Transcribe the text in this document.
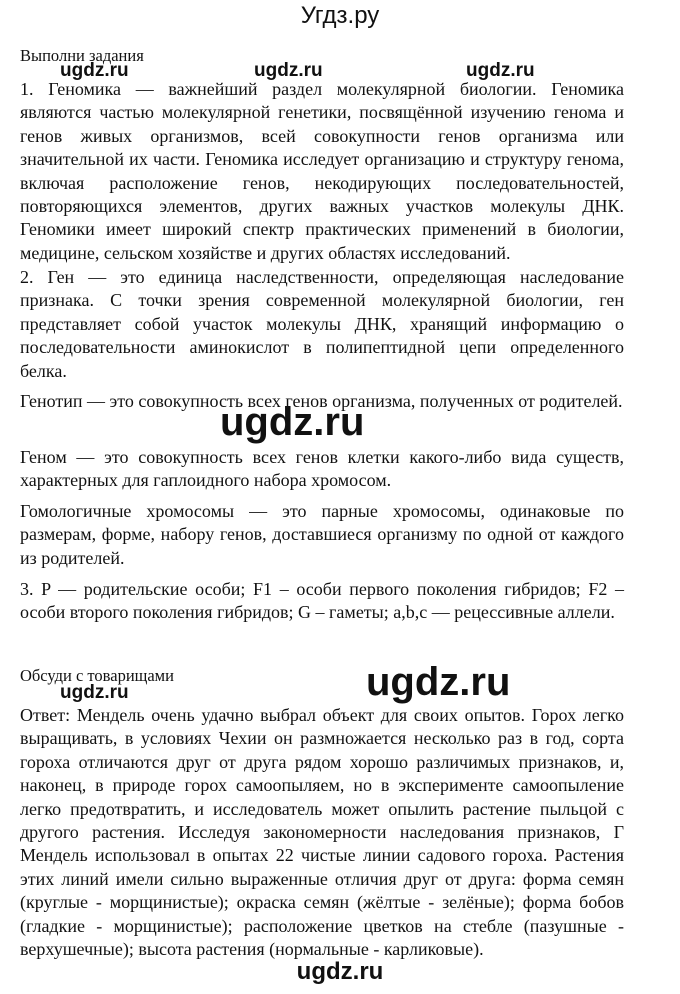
Угдз.ру
Выполни задания
1. Геномика — важнейший раздел молекулярной биологии. Геномика являются частью молекулярной генетики, посвящённой изучению генома и генов живых организмов, всей совокупности генов организма или значительной их части. Геномика исследует организацию и структуру генома, включая расположение генов, некодирующих последовательностей, повторяющихся элементов, других важных участков молекулы ДНК. Геномики имеет широкий спектр практических применений в биологии, медицине, сельском хозяйстве и других областях исследований.
2. Ген — это единица наследственности, определяющая наследование признака. С точки зрения современной молекулярной биологии, ген представляет собой участок молекулы ДНК, хранящий информацию о последовательности аминокислот в полипептидной цепи определенного белка.
Генотип — это совокупность всех генов организма, полученных от родителей.
Геном — это совокупность всех генов клетки какого-либо вида существ, характерных для гаплоидного набора хромосом.
Гомологичные хромосомы — это парные хромосомы, одинаковые по размерам, форме, набору генов, доставшиеся организму по одной от каждого из родителей.
3. P — родительские особи; F1 – особи первого поколения гибридов; F2 – особи второго поколения гибридов; G – гаметы; a,b,c — рецессивные аллели.
Обсуди с товарищами
Ответ: Мендель очень удачно выбрал объект для своих опытов. Горох легко выращивать, в условиях Чехии он размножается несколько раз в год, сорта гороха отличаются друг от друга рядом хорошо различимых признаков, и, наконец, в природе горох самоопыляем, но в эксперименте самоопыление легко предотвратить, и исследователь может опылить растение пыльцой с другого растения. Исследуя закономерности наследования признаков, Г Мендель использовал в опытах 22 чистые линии садового гороха. Растения этих линий имели сильно выраженные отличия друг от друга: форма семян (круглые - морщинистые); окраска семян (жёлтые - зелёные); форма бобов (гладкие - морщинистые); расположение цветков на стебле (пазушные - верхушечные); высота растения (нормальные - карликовые).
ugdz.ru	ugdz.ru	ugdz.ru
ugdz.ru
ugdz.ru
ugdz.ru
ugdz.ru
